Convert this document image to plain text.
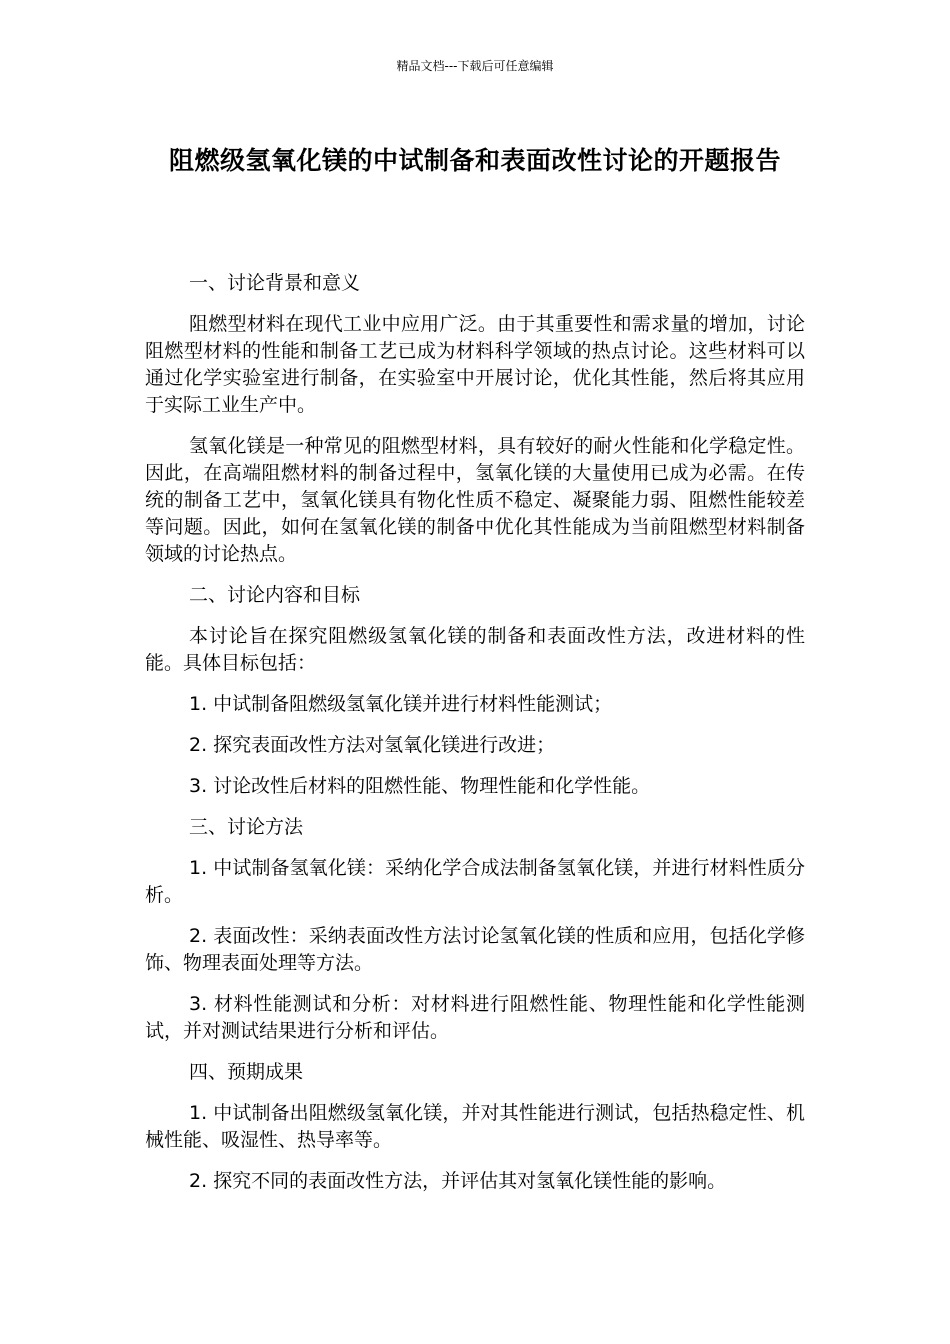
精品文档---下载后可任意编辑
阻燃级氢氧化镁的中试制备和表面改性讨论的开题报告

一、讨论背景和意义

阻燃型材料在现代工业中应用广泛。由于其重要性和需求量的增加，讨论阻燃型材料的性能和制备工艺已成为材料科学领域的热点讨论。这些材料可以通过化学实验室进行制备，在实验室中开展讨论，优化其性能，然后将其应用于实际工业生产中。

氢氧化镁是一种常见的阻燃型材料，具有较好的耐火性能和化学稳定性。因此，在高端阻燃材料的制备过程中，氢氧化镁的大量使用已成为必需。在传统的制备工艺中，氢氧化镁具有物化性质不稳定、凝聚能力弱、阻燃性能较差等问题。因此，如何在氢氧化镁的制备中优化其性能成为当前阻燃型材料制备领域的讨论热点。

二、讨论内容和目标

本讨论旨在探究阻燃级氢氧化镁的制备和表面改性方法，改进材料的性能。具体目标包括：

1. 中试制备阻燃级氢氧化镁并进行材料性能测试；

2. 探究表面改性方法对氢氧化镁进行改进；

3. 讨论改性后材料的阻燃性能、物理性能和化学性能。

三、讨论方法

1. 中试制备氢氧化镁：采纳化学合成法制备氢氧化镁，并进行材料性质分析。

2. 表面改性：采纳表面改性方法讨论氢氧化镁的性质和应用，包括化学修饰、物理表面处理等方法。

3. 材料性能测试和分析：对材料进行阻燃性能、物理性能和化学性能测试，并对测试结果进行分析和评估。

四、预期成果

1. 中试制备出阻燃级氢氧化镁，并对其性能进行测试，包括热稳定性、机械性能、吸湿性、热导率等。

2. 探究不同的表面改性方法，并评估其对氢氧化镁性能的影响。
